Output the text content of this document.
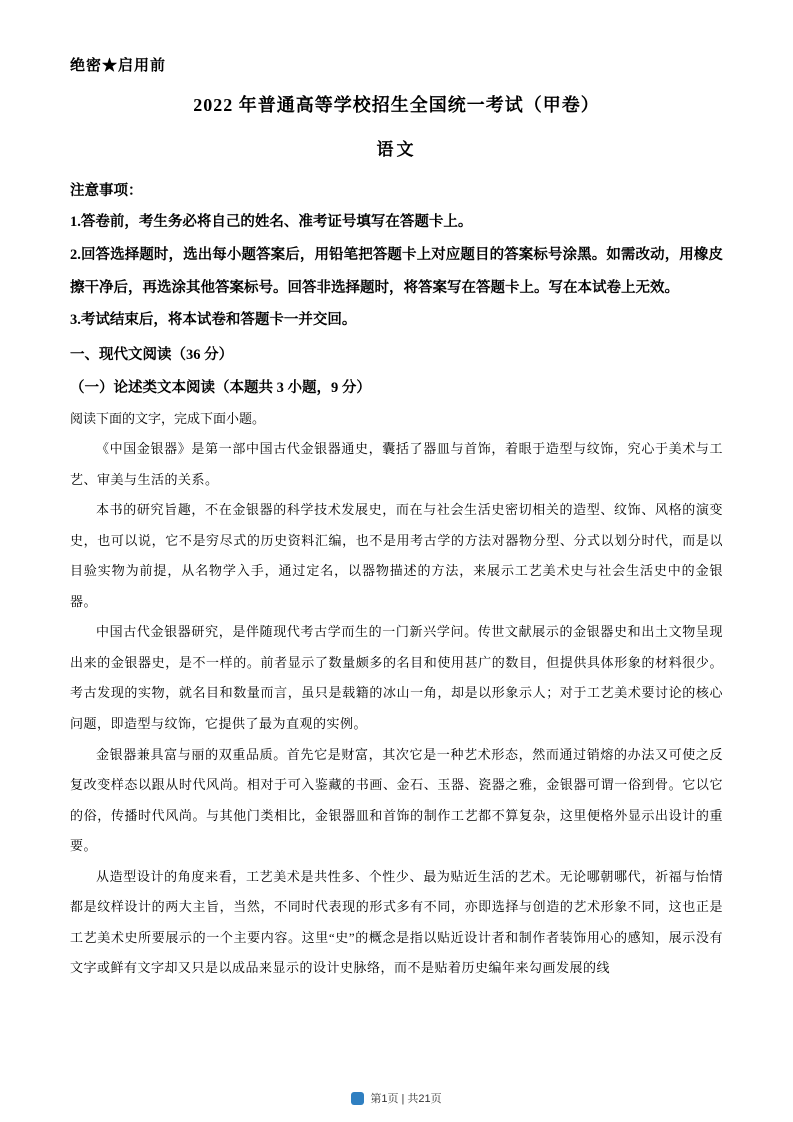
绝密★启用前
2022 年普通高等学校招生全国统一考试（甲卷）
语文
注意事项：
1.答卷前，考生务必将自己的姓名、准考证号填写在答题卡上。
2.回答选择题时，选出每小题答案后，用铅笔把答题卡上对应题目的答案标号涂黑。如需改动，用橡皮擦干净后，再选涂其他答案标号。回答非选择题时，将答案写在答题卡上。写在本试卷上无效。
3.考试结束后，将本试卷和答题卡一并交回。
一、现代文阅读（36 分）
（一）论述类文本阅读（本题共 3 小题，9 分）
阅读下面的文字，完成下面小题。

《中国金银器》是第一部中国古代金银器通史，囊括了器皿与首饰，着眼于造型与纹饰，究心于美术与工艺、审美与生活的关系。

本书的研究旨趣，不在金银器的科学技术发展史，而在与社会生活史密切相关的造型、纹饰、风格的演变史，也可以说，它不是穷尽式的历史资料汇编，也不是用考古学的方法对器物分型、分式以划分时代，而是以目验实物为前提，从名物学入手，通过定名，以器物描述的方法，来展示工艺美术史与社会生活史中的金银器。

中国古代金银器研究，是伴随现代考古学而生的一门新兴学问。传世文献展示的金银器史和出土文物呈现出来的金银器史，是不一样的。前者显示了数量颇多的名目和使用甚广的数目，但提供具体形象的材料很少。考古发现的实物，就名目和数量而言，虽只是载籍的冰山一角，却是以形象示人；对于工艺美术要讨论的核心问题，即造型与纹饰，它提供了最为直观的实例。

金银器兼具富与丽的双重品质。首先它是财富，其次它是一种艺术形态，然而通过销熔的办法又可使之反复改变样态以跟从时代风尚。相对于可入鉴藏的书画、金石、玉器、瓷器之雅，金银器可谓一俗到骨。它以它的俗，传播时代风尚。与其他门类相比，金银器皿和首饰的制作工艺都不算复杂，这里便格外显示出设计的重要。

从造型设计的角度来看，工艺美术是共性多、个性少、最为贴近生活的艺术。无论哪朝哪代，祈福与怡情都是纹样设计的两大主旨，当然，不同时代表现的形式多有不同，亦即选择与创造的艺术形象不同，这也正是工艺美术史所要展示的一个主要内容。这里“史”的概念是指以贴近设计者和制作者装饰用心的感知，展示没有文字或鲜有文字却又只是以成品来显示的设计史脉络，而不是贴着历史编年来勾画发展的线

第1页 | 共21页
